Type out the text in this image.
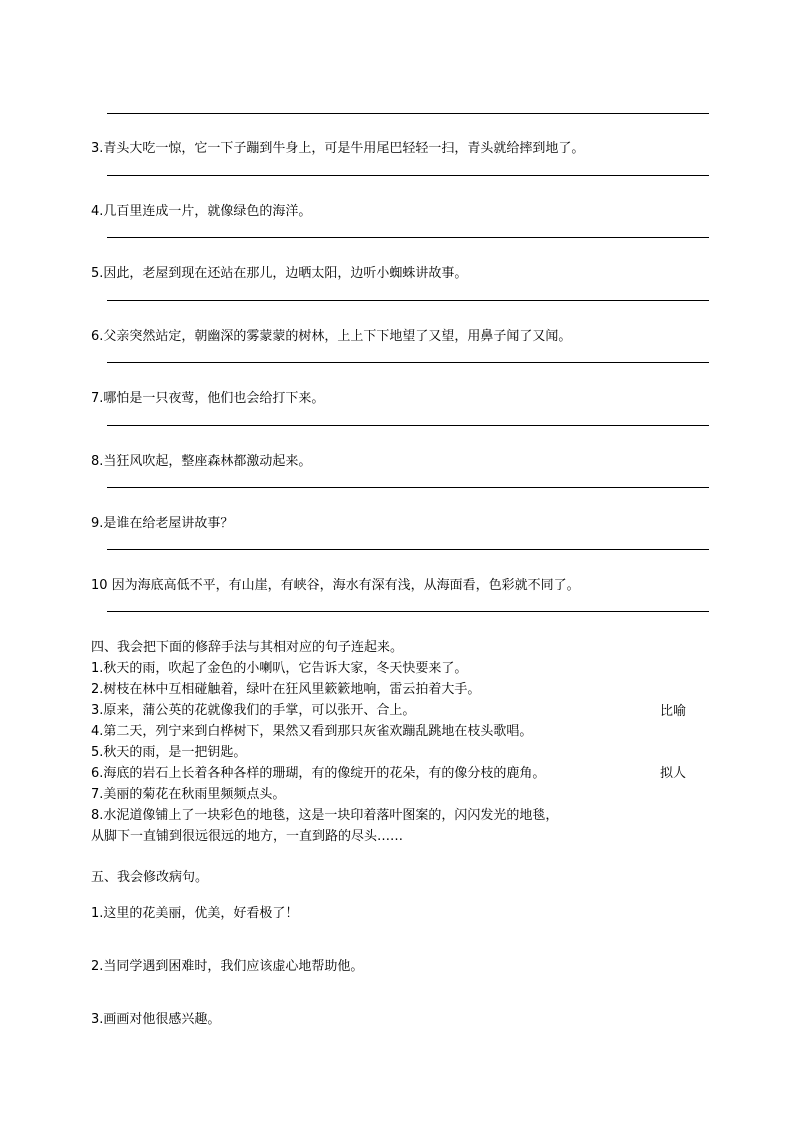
3.青头大吃一惊，它一下子蹦到牛身上，可是牛用尾巴轻轻一扫，青头就给摔到地了。
4.几百里连成一片，就像绿色的海洋。
5.因此，老屋到现在还站在那儿，边晒太阳，边听小蜘蛛讲故事。
6.父亲突然站定，朝幽深的雾蒙蒙的树林，上上下下地望了又望，用鼻子闻了又闻。
7.哪怕是一只夜莺，他们也会给打下来。
8.当狂风吹起，整座森林都激动起来。
9.是谁在给老屋讲故事？
10 因为海底高低不平，有山崖，有峡谷，海水有深有浅，从海面看，色彩就不同了。
四、我会把下面的修辞手法与其相对应的句子连起来。
1.秋天的雨，吹起了金色的小喇叭，它告诉大家，冬天快要来了。
2.树枝在林中互相碰触着，绿叶在狂风里簌簌地响，雷云拍着大手。
3.原来，蒲公英的花就像我们的手掌，可以张开、合上。
4.第二天，列宁来到白桦树下，果然又看到那只灰雀欢蹦乱跳地在枝头歌唱。
5.秋天的雨，是一把钥匙。
6.海底的岩石上长着各种各样的珊瑚，有的像绽开的花朵，有的像分枝的鹿角。
7.美丽的菊花在秋雨里频频点头。
8.水泥道像铺上了一块彩色的地毯，这是一块印着落叶图案的，闪闪发光的地毯，
从脚下一直铺到很远很远的地方，一直到路的尽头……
比喻
拟人
五、我会修改病句。
1.这里的花美丽，优美，好看极了！
2.当同学遇到困难时，我们应该虚心地帮助他。
3.画画对他很感兴趣。
